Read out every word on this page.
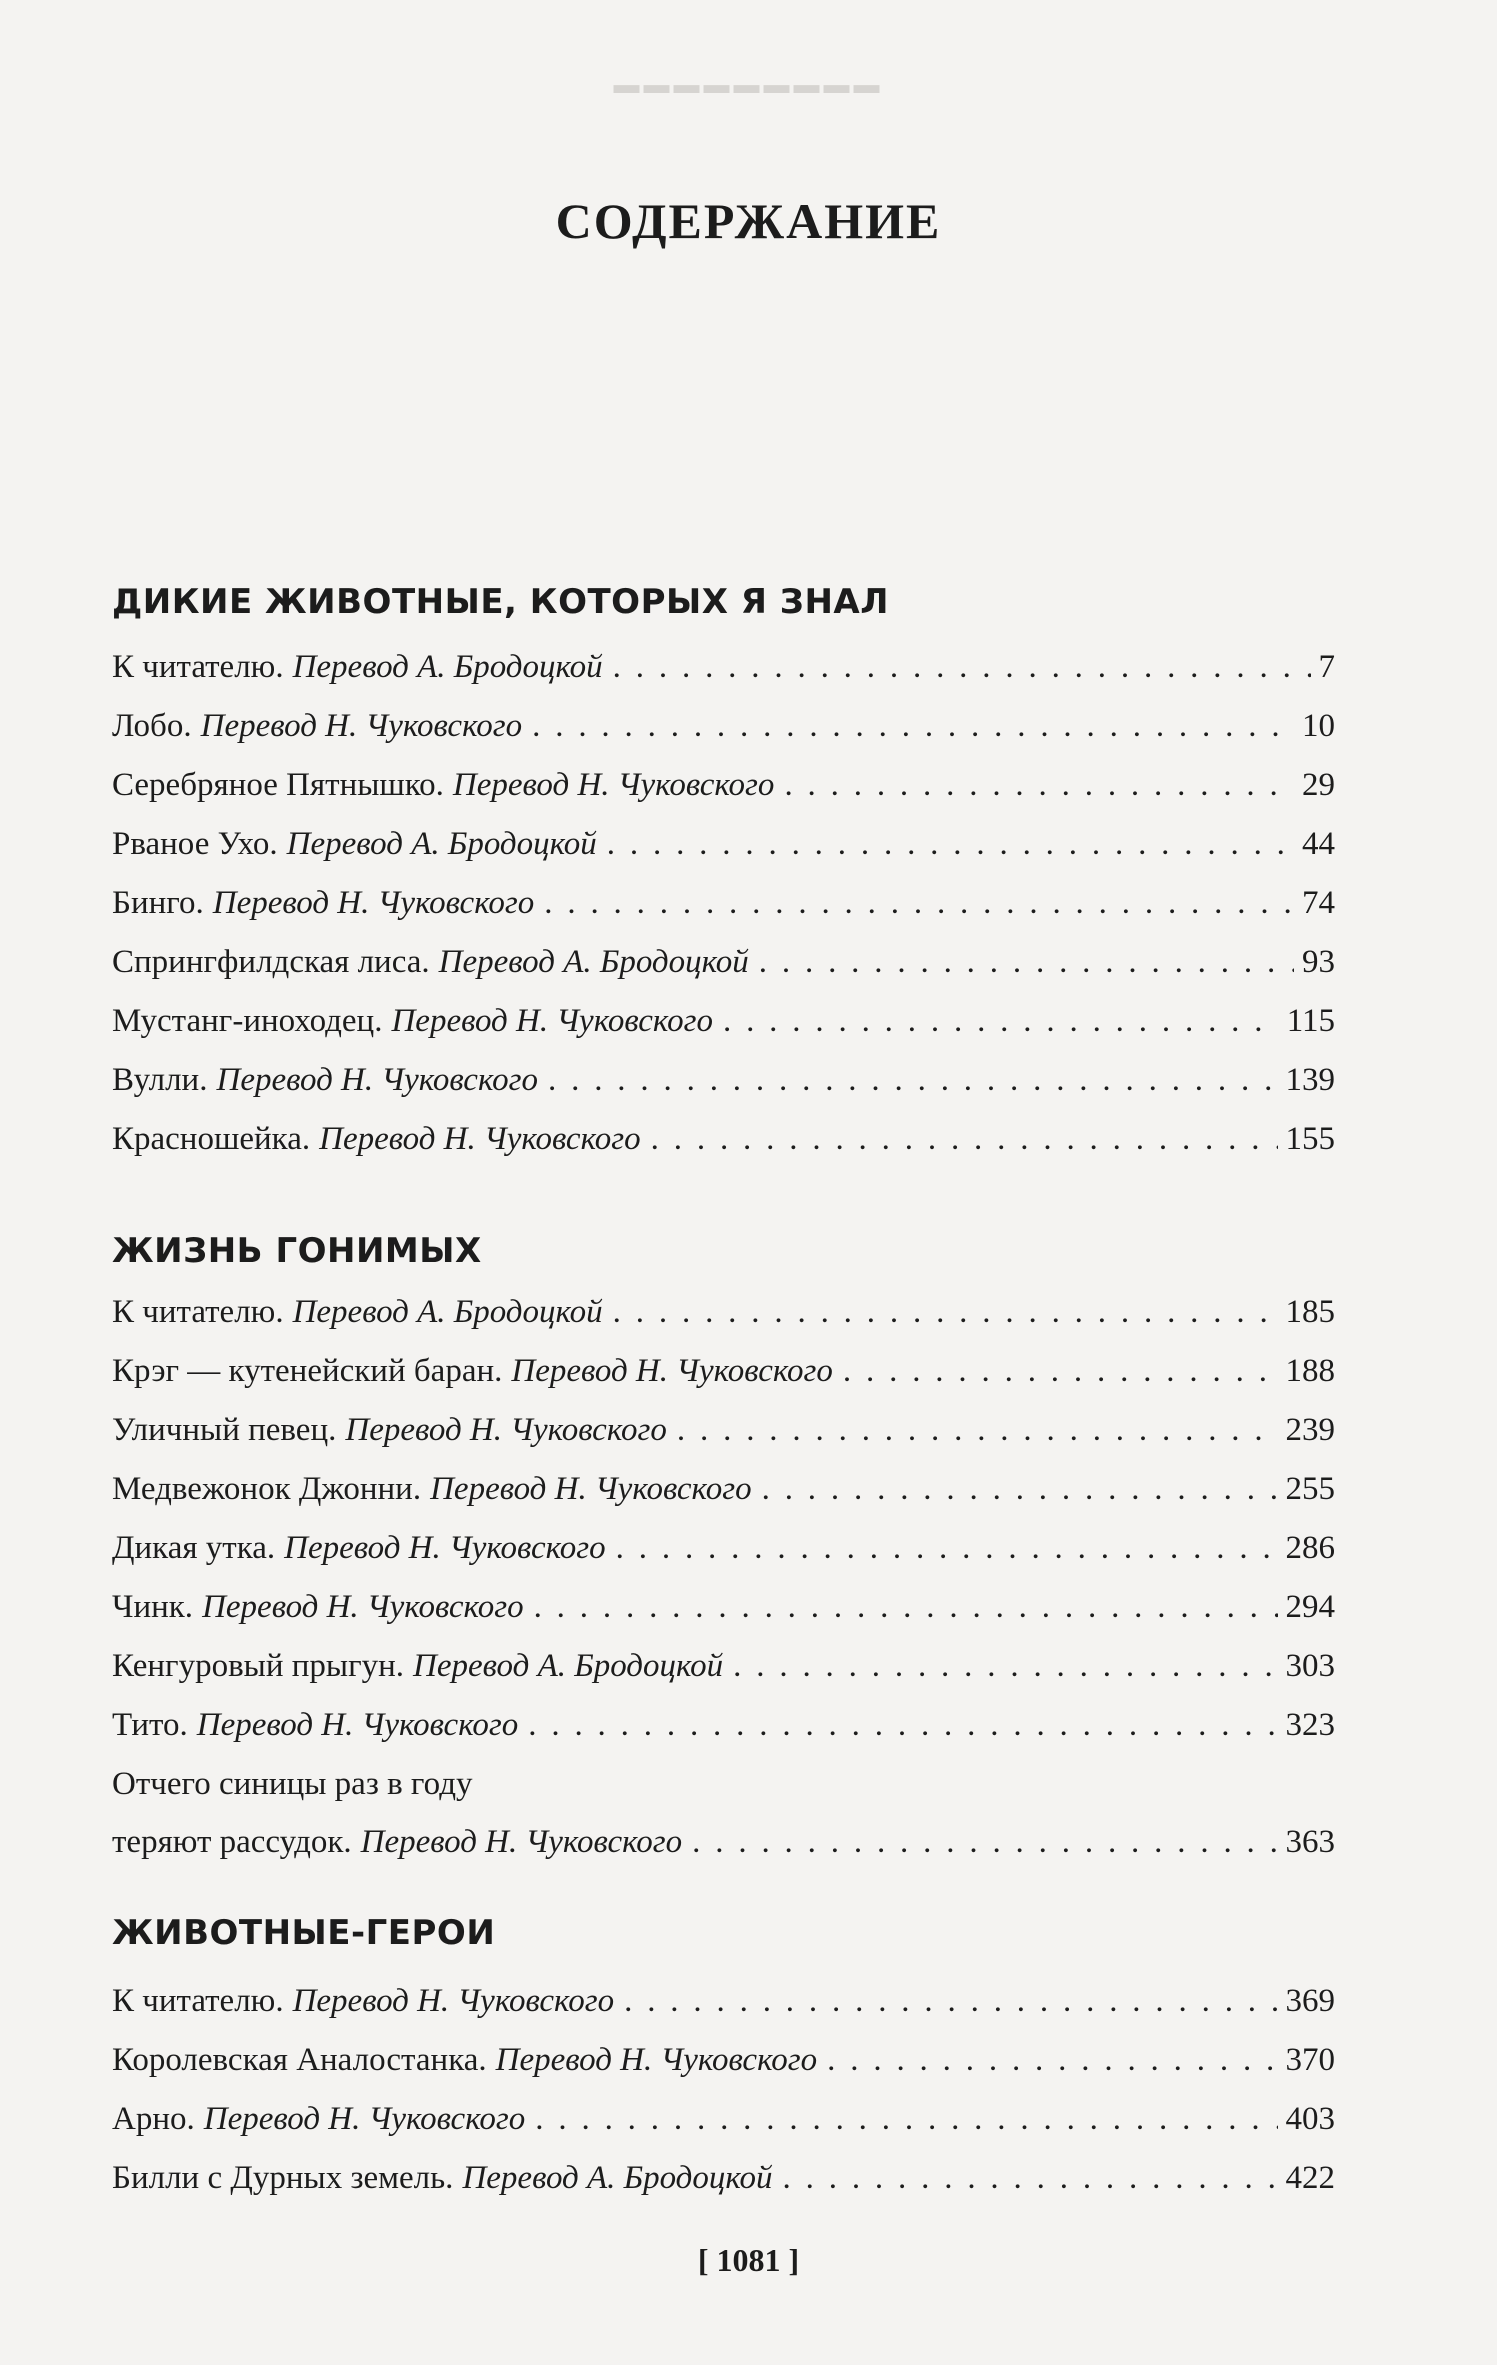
▬▬▬▬▬▬▬▬▬
СОДЕРЖАНИЕ
ДИКИЕ ЖИВОТНЫЕ, КОТОРЫХ Я ЗНАЛ
К читателю. Перевод А. Бродоцкой . . .	7
Лобо. Перевод Н. Чуковского . . .	10
Серебряное Пятнышко. Перевод Н. Чуковского . . .	29
Рваное Ухо. Перевод А. Бродоцкой . . .	44
Бинго. Перевод Н. Чуковского . . .	74
Спрингфилдская лиса. Перевод А. Бродоцкой . . .	93
Мустанг-иноходец. Перевод Н. Чуковского . . .	115
Вулли. Перевод Н. Чуковского . . .	139
Красношейка. Перевод Н. Чуковского . . .	155
ЖИЗНЬ ГОНИМЫХ
К читателю. Перевод А. Бродоцкой . . .	185
Крэг — кутенейский баран. Перевод Н. Чуковского . . .	188
Уличный певец. Перевод Н. Чуковского . . .	239
Медвежонок Джонни. Перевод Н. Чуковского . . .	255
Дикая утка. Перевод Н. Чуковского . . .	286
Чинк. Перевод Н. Чуковского . . .	294
Кенгуровый прыгун. Перевод А. Бродоцкой . . .	303
Тито. Перевод Н. Чуковского . . .	323
Отчего синицы раз в году
теряют рассудок. Перевод Н. Чуковского . . .	363
ЖИВОТНЫЕ-ГЕРОИ
К читателю. Перевод Н. Чуковского . . .	369
Королевская Аналостанка. Перевод Н. Чуковского . . .	370
Арно. Перевод Н. Чуковского . . .	403
Билли с Дурных земель. Перевод А. Бродоцкой . . .	422
[ 1081 ]
